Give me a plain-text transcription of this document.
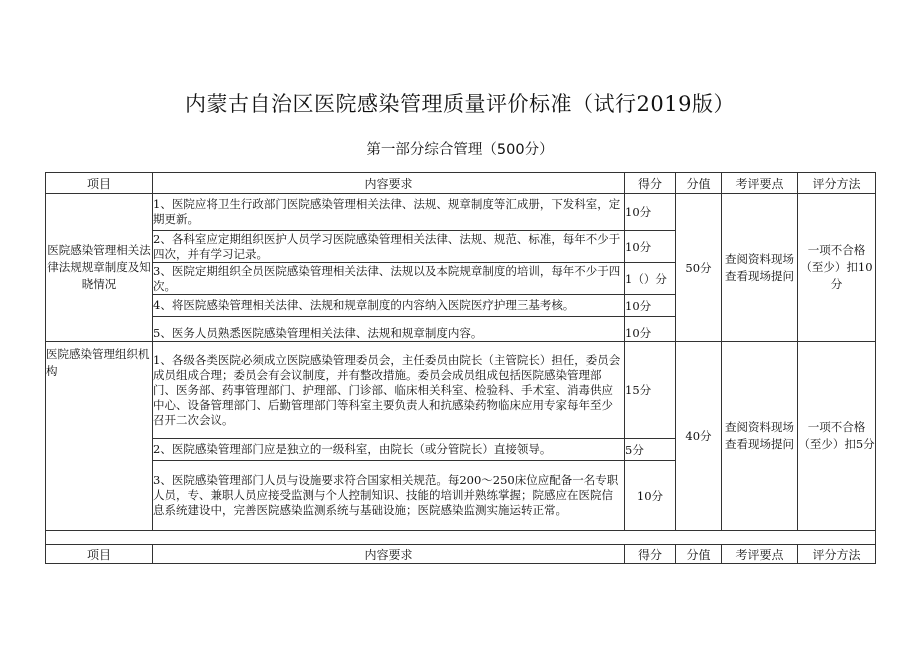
内蒙古自治区医院感染管理质量评价标准（试行2019版）
第一部分综合管理（500分）
项目	内容要求	得分	分值	考评要点	评分方法
医院感染管理相关法律法规规章制度及知晓情况	1、医院应将卫生行政部门医院感染管理相关法律、法规、规章制度等汇成册，下发科室，定期更新。	10分	50分	查阅资料现场查看现场提问	一项不合格（至少）扣10分
	2、各科室应定期组织医护人员学习医院感染管理相关法律、法规、规范、标准，每年不少于四次，并有学习记录。	10分			
	3、医院定期组织全员医院感染管理相关法律、法规以及本院规章制度的培训，每年不少于四次。	1（）分			
	4、将医院感染管理相关法律、法规和规章制度的内容纳入医院医疗护理三基考核。	10分			
	5、医务人员熟悉医院感染管理相关法律、法规和规章制度内容。	10分			
医院感染管理组织机构	1、各级各类医院必须成立医院感染管理委员会，主任委员由院长（主管院长）担任，委员会成员组成合理；委员会有会议制度，并有整改措施。委员会成员组成包括医院感染管理部门、医务部、药事管理部门、护理部、门诊部、临床相关科室、检验科、手术室、消毒供应中心、设备管理部门、后勤管理部门等科室主要负责人和抗感染药物临床应用专家每年至少召开二次会议。	15分	40分	查阅资料现场查看现场提问	一项不合格（至少）扣5分
	2、医院感染管理部门应是独立的一级科室，由院长（或分管院长）直接领导。	5分			
	3、医院感染管理部门人员与设施要求符合国家相关规范。每200～250床位应配备一名专职人员，专、兼职人员应接受监测与个人控制知识、技能的培训并熟练掌握；院感应在医院信息系统建设中，完善医院感染监测系统与基础设施；医院感染监测实施运转正常。	10分			

项目	内容要求	得分	分值	考评要点	评分方法
